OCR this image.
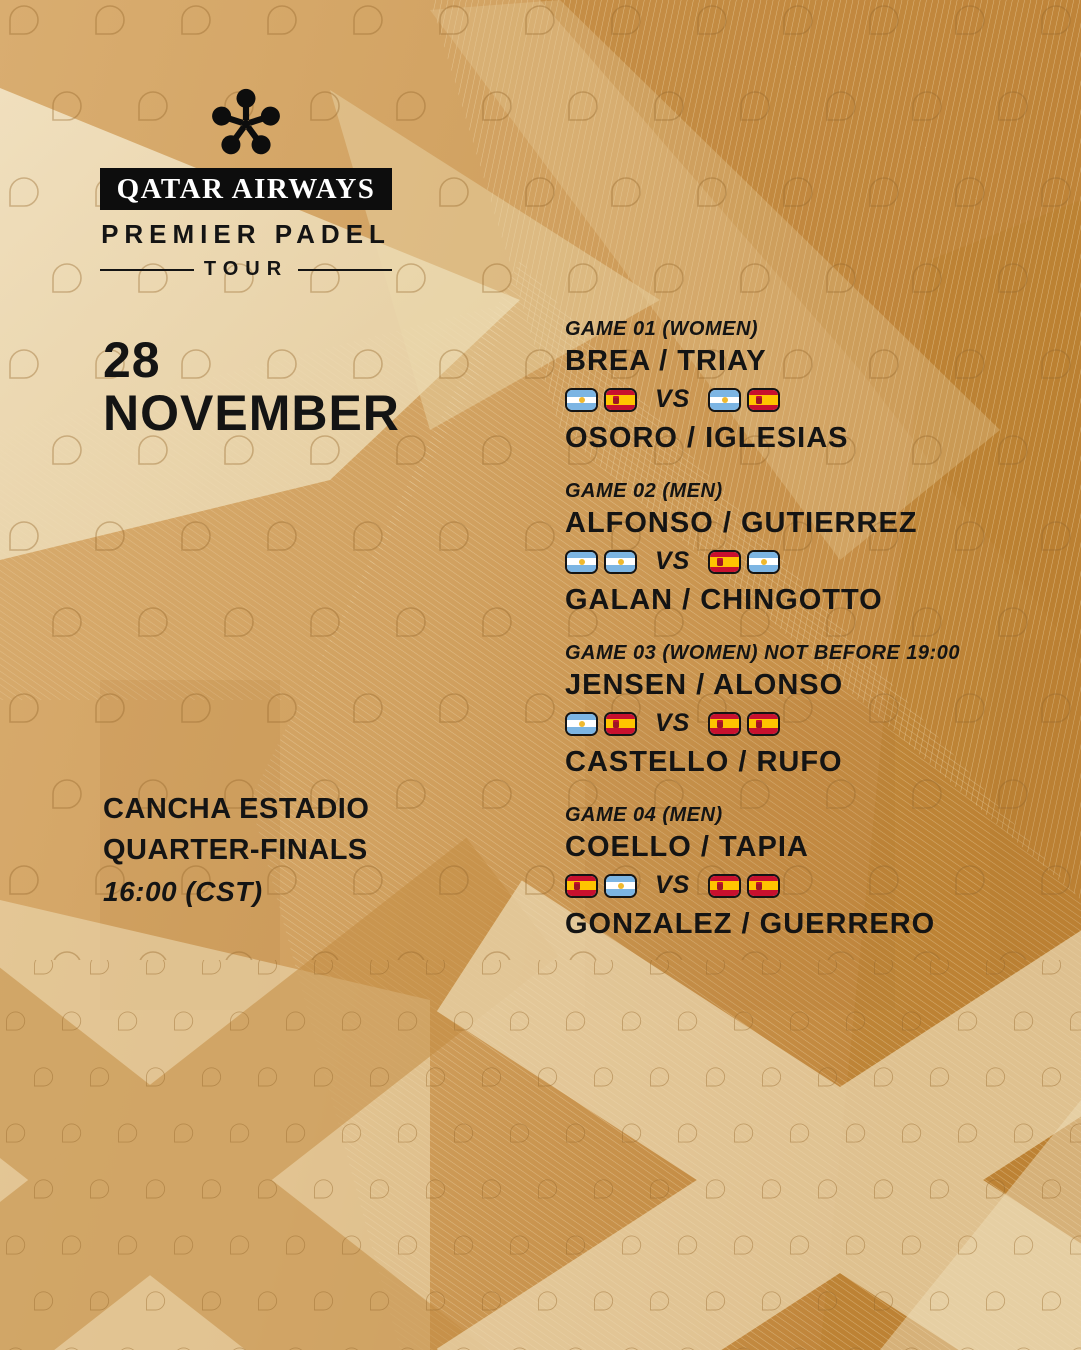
QATAR AIRWAYS
PREMIER PADEL
TOUR
28
NOVEMBER
GAME 01 (WOMEN)
BREA / TRIAY
VS
OSORO / IGLESIAS
GAME 02 (MEN)
ALFONSO / GUTIERREZ
VS
GALAN / CHINGOTTO
GAME 03 (WOMEN) NOT BEFORE 19:00
JENSEN / ALONSO
VS
CASTELLO / RUFO
GAME 04 (MEN)
COELLO / TAPIA
VS
GONZALEZ / GUERRERO
CANCHA ESTADIO
QUARTER-FINALS
16:00 (CST)
